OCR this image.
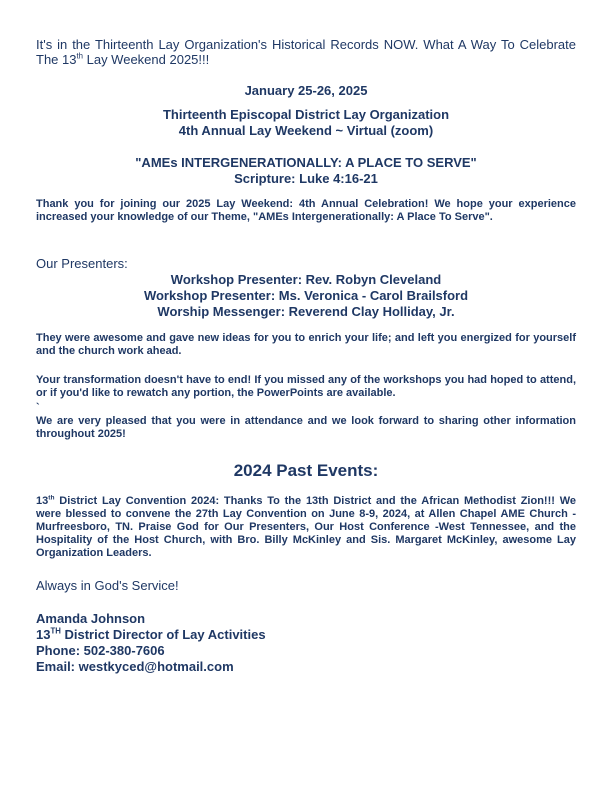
It's in the Thirteenth Lay Organization's Historical Records NOW. What A Way To Celebrate The 13th Lay Weekend 2025!!!
January 25-26, 2025
Thirteenth Episcopal District Lay Organization
4th Annual Lay Weekend ~ Virtual (zoom)
"AMEs INTERGENERATIONALLY: A PLACE TO SERVE"
Scripture: Luke 4:16-21
Thank you for joining our 2025 Lay Weekend: 4th Annual Celebration! We hope your experience increased your knowledge of our Theme, "AMEs Intergenerationally: A Place To Serve".
Our Presenters:
Workshop Presenter: Rev. Robyn Cleveland
Workshop Presenter: Ms. Veronica - Carol Brailsford
Worship Messenger: Reverend Clay Holliday, Jr.
They were awesome and gave new ideas for you to enrich your life; and left you energized for yourself and the church work ahead.
Your transformation doesn't have to end! If you missed any of the workshops you had hoped to attend, or if you'd like to rewatch any portion, the PowerPoints are available.
`
We are very pleased that you were in attendance and we look forward to sharing other information throughout 2025!
2024 Past Events:
13th District Lay Convention 2024: Thanks To the 13th District and the African Methodist Zion!!! We were blessed to convene the 27th Lay Convention on June 8-9, 2024, at Allen Chapel AME Church - Murfreesboro, TN. Praise God for Our Presenters, Our Host Conference -West Tennessee, and the Hospitality of the Host Church, with Bro. Billy McKinley and Sis. Margaret McKinley, awesome Lay Organization Leaders.
Always in God's Service!
Amanda Johnson
13TH District Director of Lay Activities
Phone: 502-380-7606
Email: westkyced@hotmail.com
